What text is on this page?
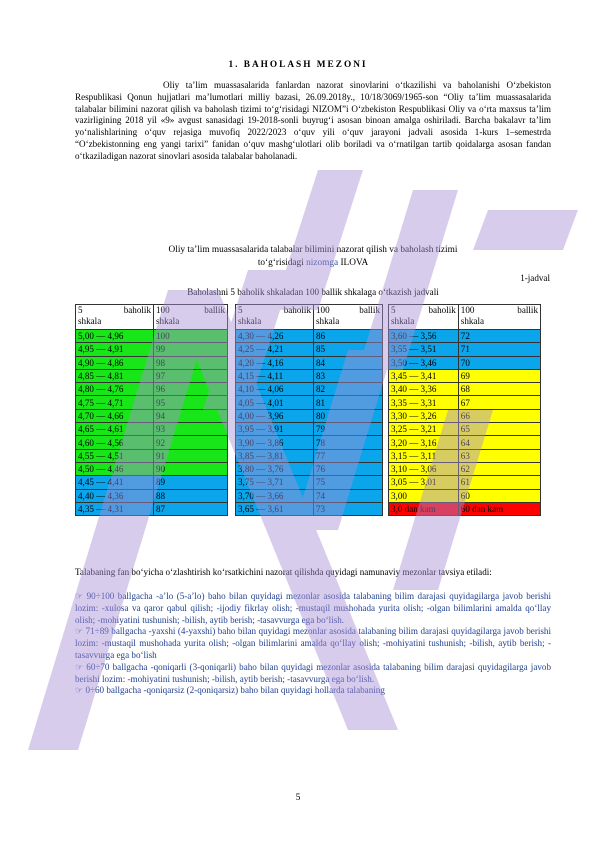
1. BAHOLASH MEZONI

Oliy ta’lim muassasalarida fanlardan nazorat sinovlarini o‘tkazilishi va baholanishi O‘zbekiston Respublikasi Qonun hujjatlari ma’lumotlari milliy bazasi, 26.09.2018y., 10/18/3069/1965-son “Oliy ta’lim muassasalarida talabalar bilimini nazorat qilish va baholash tizimi to‘g‘risidagi NIZOM”i O‘zbekiston Respublikasi Oliy va o‘rta maxsus ta’lim vazirligining 2018 yil «9» avgust sanasidagi 19-2018-sonli buyrug‘i asosan binoan amalga oshiriladi. Barcha bakalavr ta’lim yo‘nalishlarining o‘quv rejasiga muvofiq 2022/2023 o‘quv yili o‘quv jarayoni jadvali asosida 1-kurs 1–semestrda “O‘zbekistonning eng yangi tarixi” fanidan o‘quv mashg‘ulotlari olib boriladi va o‘rnatilgan tartib qoidalarga asosan fandan o‘tkaziladigan nazorat sinovlari asosida talabalar baholanadi.

Oliy ta’lim muassasalarida talabalar bilimini nazorat qilish va baholash tizimi
to‘g‘risidagi nizomga ILOVA
1-jadval
Baholashni 5 baholik shkaladan 100 ballik shkalaga o‘tkazish jadvali
5 baholik
shkala	100 ballik
shkala
5,00 — 4,96	100
4,95 — 4,91	99
4,90 — 4,86	98
4,85 — 4,81	97
4,80 — 4,76	96
4,75 — 4,71	95
4,70 — 4,66	94
4,65 — 4,61	93
4,60 — 4,56	92
4,55 — 4,51	91
4,50 — 4,46	90
4,45 — 4,41	89
4,40 — 4,36	88
4,35 — 4,31	87
5 baholik
shkala	100 ballik
shkala
4,30 — 4,26	86
4,25 — 4,21	85
4,20 — 4,16	84
4,15 — 4,11	83
4,10 — 4,06	82
4,05 — 4,01	81
4,00 — 3,96	80
3,95 — 3,91	79
3,90 — 3,86	78
3,85 — 3,81	77
3,80 — 3,76	76
3,75 — 3,71	75
3,70 — 3,66	74
3,65 — 3,61	73
5 baholik
shkala	100 ballik
shkala
3,60 — 3,56	72
3,55 — 3,51	71
3,50 — 3,46	70
3,45 — 3,41	69
3,40 — 3,36	68
3,35 — 3,31	67
3,30 — 3,26	66
3,25 — 3,21	65
3,20 — 3,16	64
3,15 — 3,11	63
3,10 — 3,06	62
3,05 — 3,01	61
3,00	60
3,0 dan kam	60 dan kam

Talabaning fan bo‘yicha o‘zlashtirish ko‘rsatkichini nazorat qilishda quyidagi namunaviy mezonlar tavsiya etiladi:

☞ 90÷100 ballgacha -a’lo (5-a’lo) baho bilan quyidagi mezonlar asosida talabaning bilim darajasi quyidagilarga javob berishi lozim: -xulosa va qaror qabul qilish; -ijodiy fikrlay olish; -mustaqil mushohada yurita olish; -olgan bilimlarini amalda qo‘llay olish; -mohiyatini tushunish; -bilish, aytib berish; -tasavvurga ega bo‘lish.
☞ 71÷89 ballgacha -yaxshi (4-yaxshi) baho bilan quyidagi mezonlar asosida talabaning bilim darajasi quyidagilarga javob berishi lozim: -mustaqil mushohada yurita olish; -olgan bilimlarini amalda qo‘llay olish; -mohiyatini tushunish; -bilish, aytib berish; -tasavvurga ega bo‘lish
☞ 60÷70 ballgacha -qoniqarli (3-qoniqarli) baho bilan quyidagi mezonlar asosida talabaning bilim darajasi quyidagilarga javob berishi lozim: -mohiyatini tushunish; -bilish, aytib berish; -tasavvurga ega bo‘lish.
☞ 0÷60 ballgacha -qoniqarsiz (2-qoniqarsiz) baho bilan quyidagi hollarda talabaning
5
